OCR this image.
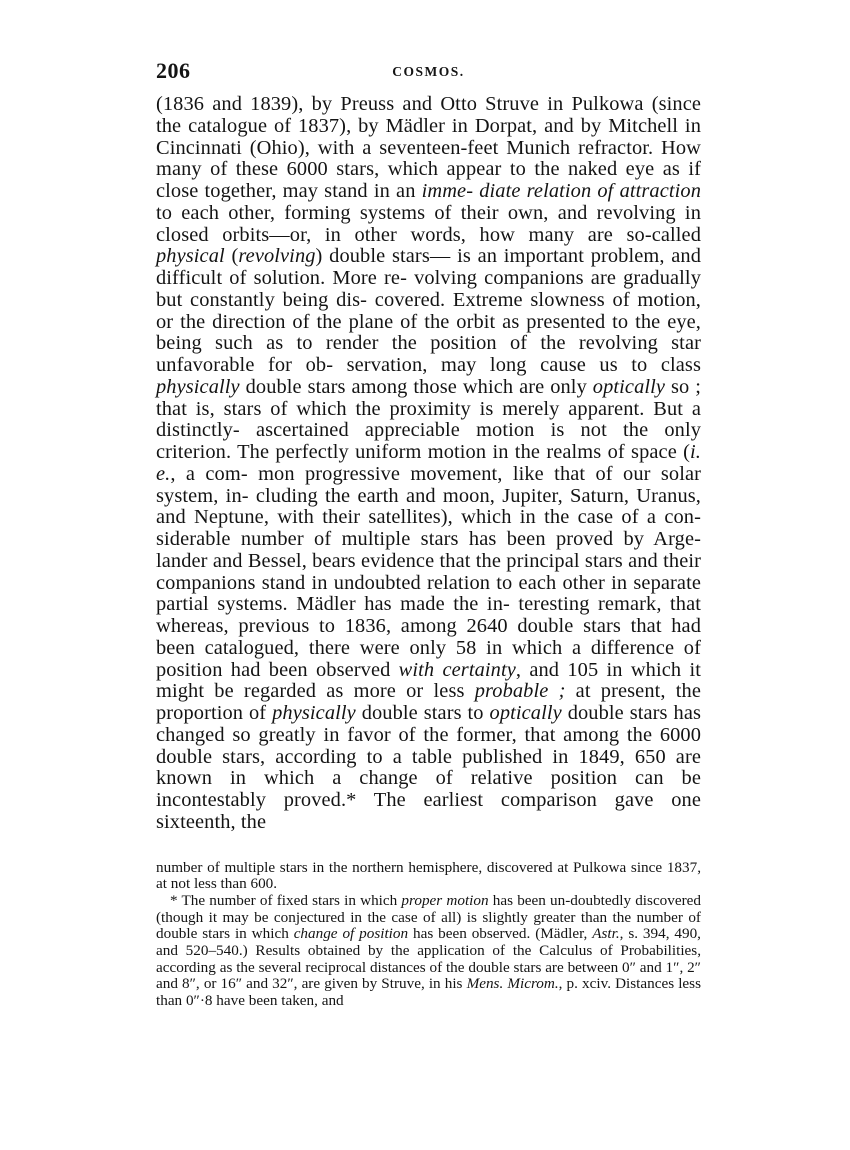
206	COSMOS.

(1836 and 1839), by Preuss and Otto Struve in Pulkowa (since the catalogue of 1837), by Mädler in Dorpat, and by Mitchell in Cincinnati (Ohio), with a seventeen-feet Munich refractor. How many of these 6000 stars, which appear to the naked eye as if close together, may stand in an imme- diate relation of attraction to each other, forming systems of their own, and revolving in closed orbits—or, in other words, how many are so-called physical (revolving) double stars— is an important problem, and difficult of solution. More re- volving companions are gradually but constantly being dis- covered. Extreme slowness of motion, or the direction of the plane of the orbit as presented to the eye, being such as to render the position of the revolving star unfavorable for ob- servation, may long cause us to class physically double stars among those which are only optically so ; that is, stars of which the proximity is merely apparent. But a distinctly- ascertained appreciable motion is not the only criterion. The perfectly uniform motion in the realms of space (i. e., a com- mon progressive movement, like that of our solar system, in- cluding the earth and moon, Jupiter, Saturn, Uranus, and Neptune, with their satellites), which in the case of a con- siderable number of multiple stars has been proved by Arge- lander and Bessel, bears evidence that the principal stars and their companions stand in undoubted relation to each other in separate partial systems. Mädler has made the in- teresting remark, that whereas, previous to 1836, among 2640 double stars that had been catalogued, there were only 58 in which a difference of position had been observed with certainty, and 105 in which it might be regarded as more or less probable ; at present, the proportion of physically double stars to optically double stars has changed so greatly in favor of the former, that among the 6000 double stars, according to a table published in 1849, 650 are known in which a change of relative position can be incontestably proved.* The earliest comparison gave one sixteenth, the

number of multiple stars in the northern hemisphere, discovered at Pulkowa since 1837, at not less than 600.

* The number of fixed stars in which proper motion has been un-doubtedly discovered (though it may be conjectured in the case of all) is slightly greater than the number of double stars in which change of position has been observed. (Mädler, Astr., s. 394, 490, and 520–540.) Results obtained by the application of the Calculus of Probabilities, according as the several reciprocal distances of the double stars are between 0″ and 1″, 2″ and 8″, or 16″ and 32″, are given by Struve, in his Mens. Microm., p. xciv. Distances less than 0″·8 have been taken, and
